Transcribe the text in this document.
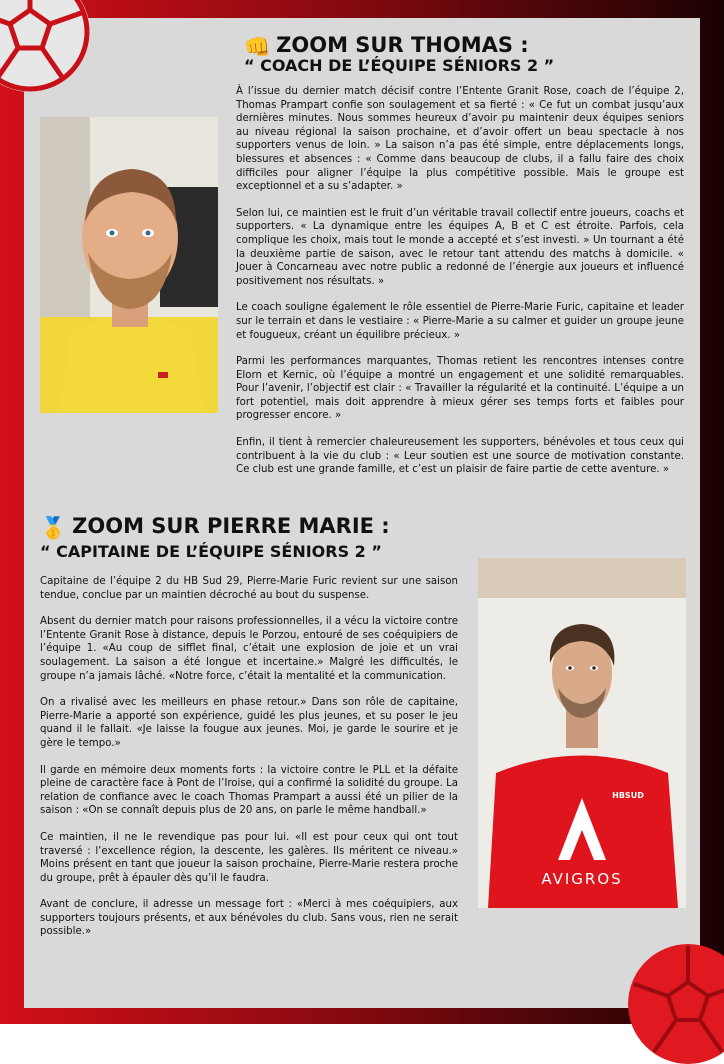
👊 ZOOM SUR THOMAS :
“ COACH DE L’ÉQUIPE SÉNIORS 2 ”

À l’issue du dernier match décisif contre l’Entente Granit Rose, coach de l’équipe 2, Thomas Prampart confie son soulagement et sa fierté : « Ce fut un combat jusqu’aux dernières minutes. Nous sommes heureux d’avoir pu maintenir deux équipes seniors au niveau régional la saison prochaine, et d’avoir offert un beau spectacle à nos supporters venus de loin. » La saison n’a pas été simple, entre déplacements longs, blessures et absences : « Comme dans beaucoup de clubs, il a fallu faire des choix difficiles pour aligner l’équipe la plus compétitive possible. Mais le groupe est exceptionnel et a su s’adapter. »

Selon lui, ce maintien est le fruit d’un véritable travail collectif entre joueurs, coachs et supporters. « La dynamique entre les équipes A, B et C est étroite. Parfois, cela complique les choix, mais tout le monde a accepté et s’est investi. » Un tournant a été la deuxième partie de saison, avec le retour tant attendu des matchs à domicile. « Jouer à Concarneau avec notre public a redonné de l’énergie aux joueurs et influencé positivement nos résultats. »

Le coach souligne également le rôle essentiel de Pierre-Marie Furic, capitaine et leader sur le terrain et dans le vestiaire : « Pierre-Marie a su calmer et guider un groupe jeune et fougueux, créant un équilibre précieux. »

Parmi les performances marquantes, Thomas retient les rencontres intenses contre Elorn et Kernic, où l’équipe a montré un engagement et une solidité remarquables. Pour l’avenir, l’objectif est clair : « Travailler la régularité et la continuité. L’équipe a un fort potentiel, mais doit apprendre à mieux gérer ses temps forts et faibles pour progresser encore. »

Enfin, il tient à remercier chaleureusement les supporters, bénévoles et tous ceux qui contribuent à la vie du club : « Leur soutien est une source de motivation constante. Ce club est une grande famille, et c’est un plaisir de faire partie de cette aventure. »

🥇 ZOOM SUR PIERRE MARIE :
“ CAPITAINE DE L’ÉQUIPE SÉNIORS 2 ”

Capitaine de l’équipe 2 du HB Sud 29, Pierre-Marie Furic revient sur une saison tendue, conclue par un maintien décroché au bout du suspense.

Absent du dernier match pour raisons professionnelles, il a vécu la victoire contre l’Entente Granit Rose à distance, depuis le Porzou, entouré de ses coéquipiers de l’équipe 1. «Au coup de sifflet final, c’était une explosion de joie et un vrai soulagement. La saison a été longue et incertaine.» Malgré les difficultés, le groupe n’a jamais lâché. «Notre force, c’était la mentalité et la communication.

On a rivalisé avec les meilleurs en phase retour.» Dans son rôle de capitaine, Pierre-Marie a apporté son expérience, guidé les plus jeunes, et su poser le jeu quand il le fallait. «Je laisse la fougue aux jeunes. Moi, je garde le sourire et je gère le tempo.»

Il garde en mémoire deux moments forts : la victoire contre le PLL et la défaite pleine de caractère face à Pont de l’Iroise, qui a confirmé la solidité du groupe. La relation de confiance avec le coach Thomas Prampart a aussi été un pilier de la saison : «On se connaît depuis plus de 20 ans, on parle le même handball.»

Ce maintien, il ne le revendique pas pour lui. «Il est pour ceux qui ont tout traversé : l’excellence région, la descente, les galères. Ils méritent ce niveau.» Moins présent en tant que joueur la saison prochaine, Pierre-Marie restera proche du groupe, prêt à épauler dès qu’il le faudra.

Avant de conclure, il adresse un message fort : «Merci à mes coéquipiers, aux supporters toujours présents, et aux bénévoles du club. Sans vous, rien ne serait possible.»

AVIGROS
HBSUD
